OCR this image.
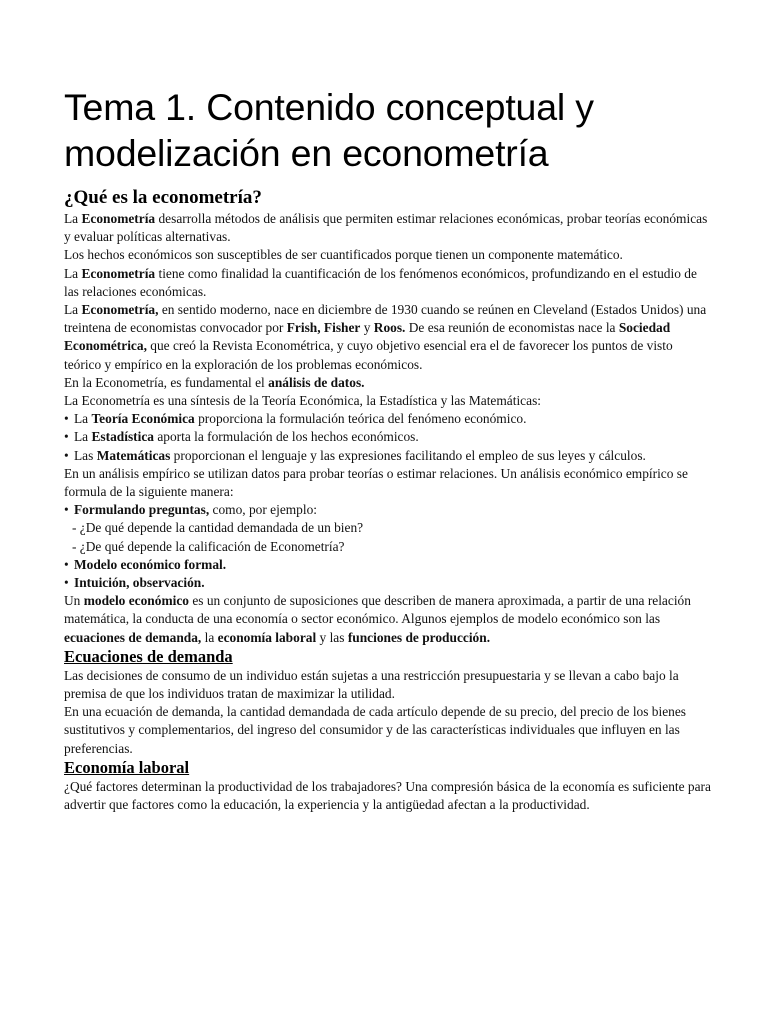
Tema 1. Contenido conceptual y
modelización en econometría
¿Qué es la econometría?

La Econometría desarrolla métodos de análisis que permiten estimar relaciones económicas, probar teorías económicas y evaluar políticas alternativas.

Los hechos económicos son susceptibles de ser cuantificados porque tienen un componente matemático.

La Econometría tiene como finalidad la cuantificación de los fenómenos económicos, profundizando en el estudio de las relaciones económicas.

La Econometría, en sentido moderno, nace en diciembre de 1930 cuando se reúnen en Cleveland (Estados Unidos) una treintena de economistas convocador por Frish, Fisher y Roos. De esa reunión de economistas nace la Sociedad Econométrica, que creó la Revista Econométrica, y cuyo objetivo esencial era el de favorecer los puntos de visto teórico y empírico en la exploración de los problemas económicos.

En la Econometría, es fundamental el análisis de datos.

La Econometría es una síntesis de la Teoría Económica, la Estadística y las Matemáticas:

• La Teoría Económica proporciona la formulación teórica del fenómeno económico.

• La Estadística aporta la formulación de los hechos económicos.

• Las Matemáticas proporcionan el lenguaje y las expresiones facilitando el empleo de sus leyes y cálculos.

En un análisis empírico se utilizan datos para probar teorías o estimar relaciones. Un análisis económico empírico se formula de la siguiente manera:

• Formulando preguntas, como, por ejemplo:

- ¿De qué depende la cantidad demandada de un bien?

- ¿De qué depende la calificación de Econometría?

• Modelo económico formal.

• Intuición, observación.

Un modelo económico es un conjunto de suposiciones que describen de manera aproximada, a partir de una relación matemática, la conducta de una economía o sector económico. Algunos ejemplos de modelo económico son las ecuaciones de demanda, la economía laboral y las funciones de producción.

Ecuaciones de demanda

Las decisiones de consumo de un individuo están sujetas a una restricción presupuestaria y se llevan a cabo bajo la premisa de que los individuos tratan de maximizar la utilidad.

En una ecuación de demanda, la cantidad demandada de cada artículo depende de su precio, del precio de los bienes sustitutivos y complementarios, del ingreso del consumidor y de las características individuales que influyen en las preferencias.

Economía laboral

¿Qué factores determinan la productividad de los trabajadores? Una compresión básica de la economía es suficiente para advertir que factores como la educación, la experiencia y la antigüedad afectan a la productividad.
